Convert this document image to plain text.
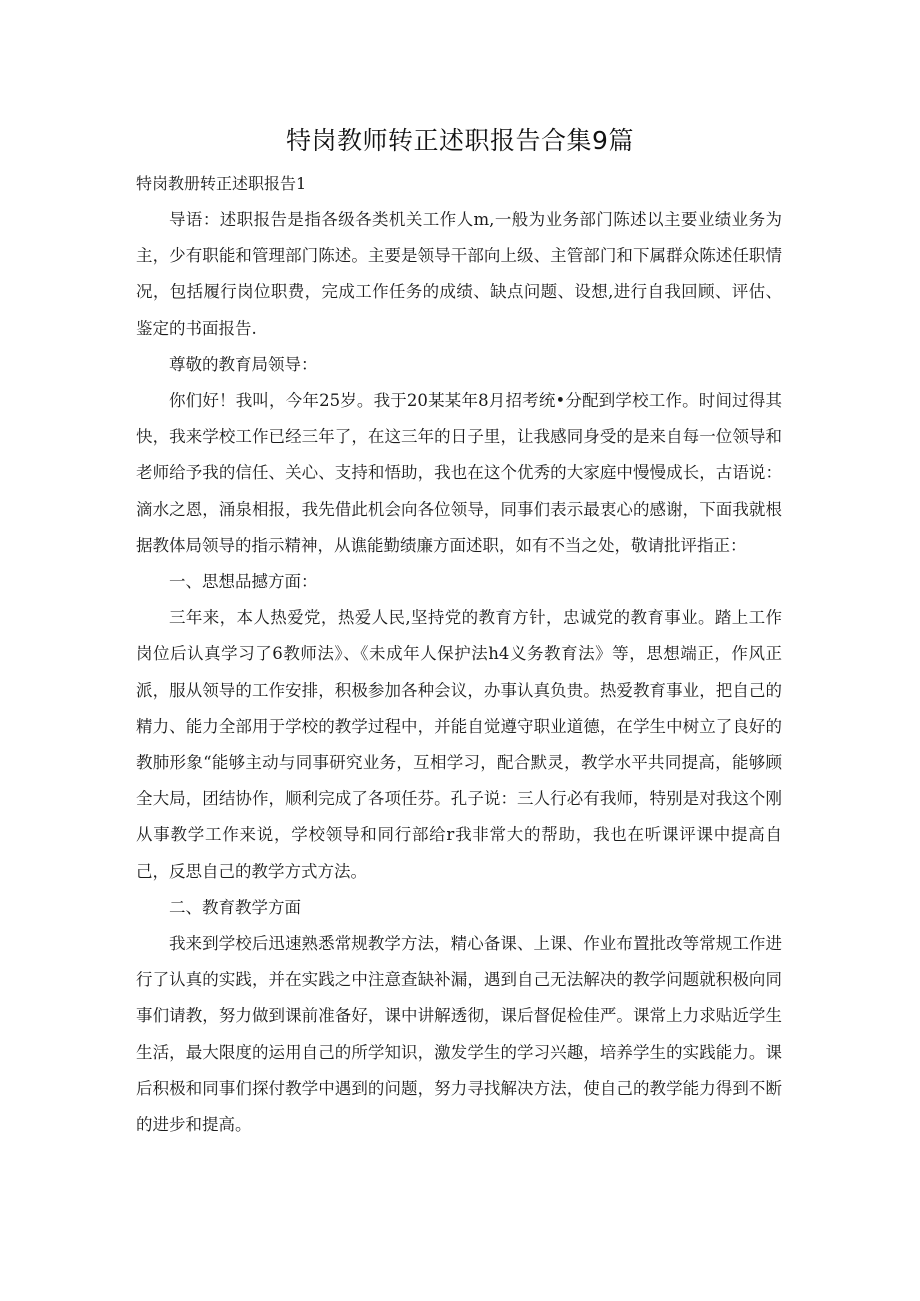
特岗教师转正述职报告合集9篇
特岗教册转正述职报告1

导语：述职报告是指各级各类机关工作人m,一般为业务部门陈述以主要业绩业务为主，少有职能和管理部门陈述。主要是领导干部向上级、主管部门和下属群众陈述任职情况，包括履行岗位职费，完成工作任务的成绩、缺点问题、设想,进行自我回顾、评估、鉴定的书面报告.

尊敬的教育局领导：

你们好！我叫，今年25岁。我于20某某年8月招考统•分配到学校工作。时间过得其快，我来学校工作已经三年了，在这三年的日子里，让我感同身受的是来自每一位领导和老师给予我的信任、关心、支持和悟助，我也在这个优秀的大家庭中慢慢成长，古语说：滴水之恩，涌泉相报，我先借此机会向各位领导，同事们表示最衷心的感谢，下面我就根据教体局领导的指示精神，从谯能勤绩廉方面述职，如有不当之处，敬请批评指正：

一、思想品撼方面：

三年来，本人热爱党，热爱人民,坚持党的教育方针，忠诚党的教育事业。踏上工作岗位后认真学习了6教师法》、《未成年人保护法h4义务教育法》等，思想端正，作风正派，服从领导的工作安排，积极参加各种会议，办事认真负贵。热爱教育事业，把自己的精力、能力全部用于学校的教学过程中，并能自觉遵守职业道德，在学生中树立了良好的教肺形象“能够主动与同事研究业务，互相学习，配合默灵，教学水平共同提高，能够顾全大局，团结协作，顺利完成了各项任芬。孔子说：三人行必有我师，特别是对我这个刚从事教学工作来说，学校领导和同行部给r我非常大的帮助，我也在听课评课中提高自己，反思自己的教学方式方法。

二、教育教学方面

我来到学校后迅速熟悉常规教学方法，精心备课、上课、作业布置批改等常规工作进行了认真的实践，并在实践之中注意查缺补漏，遇到自己无法解决的教学问题就积极向同事们请教，努力做到课前准备好，课中讲解透彻，课后督促检佳严。课常上力求贴近学生生活，最大限度的运用自己的所学知识，激发学生的学习兴趣，培养学生的实践能力。课后积极和同事们探付教学中遇到的问题，努力寻找解决方法，使自己的教学能力得到不断的进步和提高。
